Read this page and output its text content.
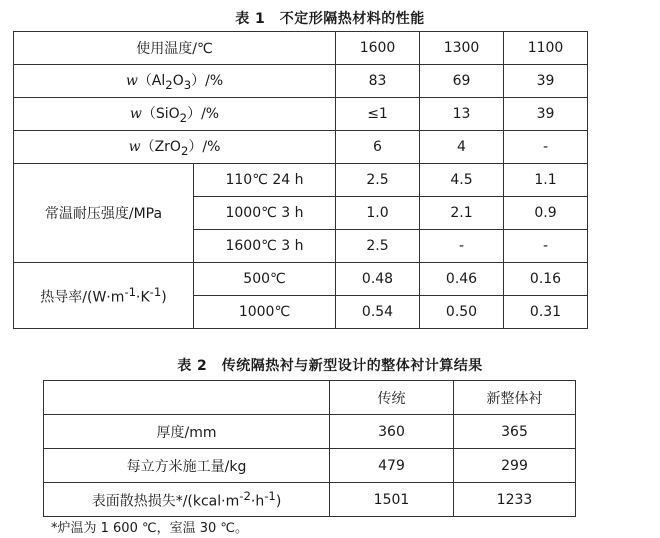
表 1　不定形隔热材料的性能
使用温度/℃		1600	1300	1100
$w(Al_2O_3)/\%$		83	69	39
w（SiO$_2$）/%		≤1	13	39
w（ZrO$_2$）/%		6	4	-
常温耐压强度/MPa	110℃ 24 h	2.5	4.5	1.1
	1000℃ 3 h	1.0	2.1	0.9
	1600℃ 3 h	2.5	-	-
热导率$/(W\cdot m^{-1}\cdot K^{-1})$	500℃	0.48	0.46	0.16
	1000℃	0.54	0.50	0.31
表 2　传统隔热衬与新型设计的整体衬计算结果
	传统	新整体衬
厚度/mm	360	365
每立方米施工量/kg	479	299
表面散热损失$*/(kcal\cdot m^{-2}\cdot h^{-1})$	1501	1233
*炉温为 1 600 ℃，室温 30 ℃。
